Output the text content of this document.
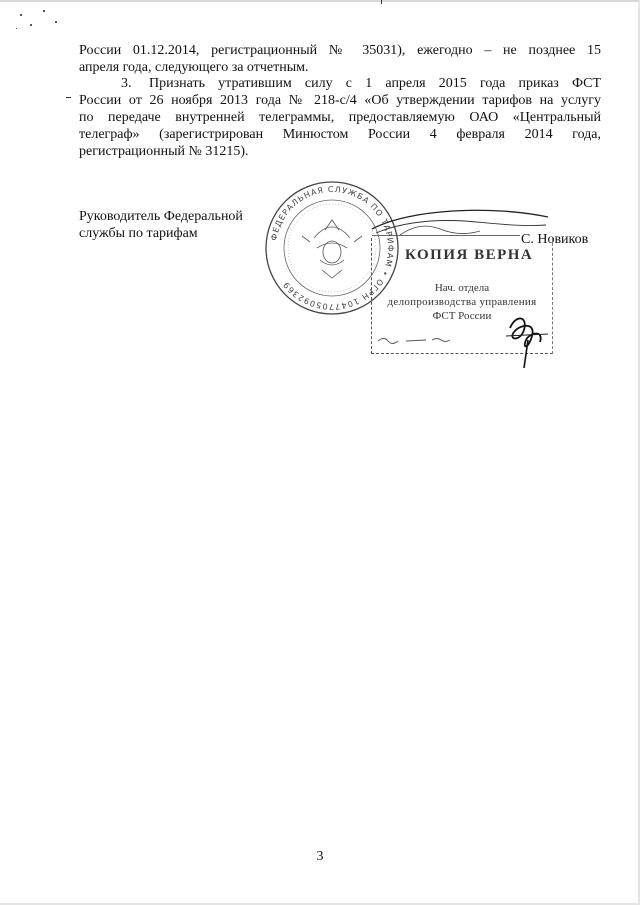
России 01.12.2014, регистрационный № 35031), ежегодно – не позднее 15
апреля года, следующего за отчетным.

3. Признать утратившим силу с 1 апреля 2015 года приказ ФСТ
России от 26 ноября 2013 года № 218-с/4 «Об утверждении тарифов на услугу
по передаче внутренней телеграммы, предоставляемую ОАО «Центральный
телеграф» (зарегистрирован Минюстом России 4 февраля 2014 года,
регистрационный № 31215).

Руководитель Федеральной
службы по тарифам	С. Новиков
ФЕДЕРАЛЬНАЯ СЛУЖБА ПО ТАРИФАМ • ОГРН 1047705092369
КОПИЯ ВЕРНА
Нач. отдела
делопроизводства управления
ФСТ России
3
